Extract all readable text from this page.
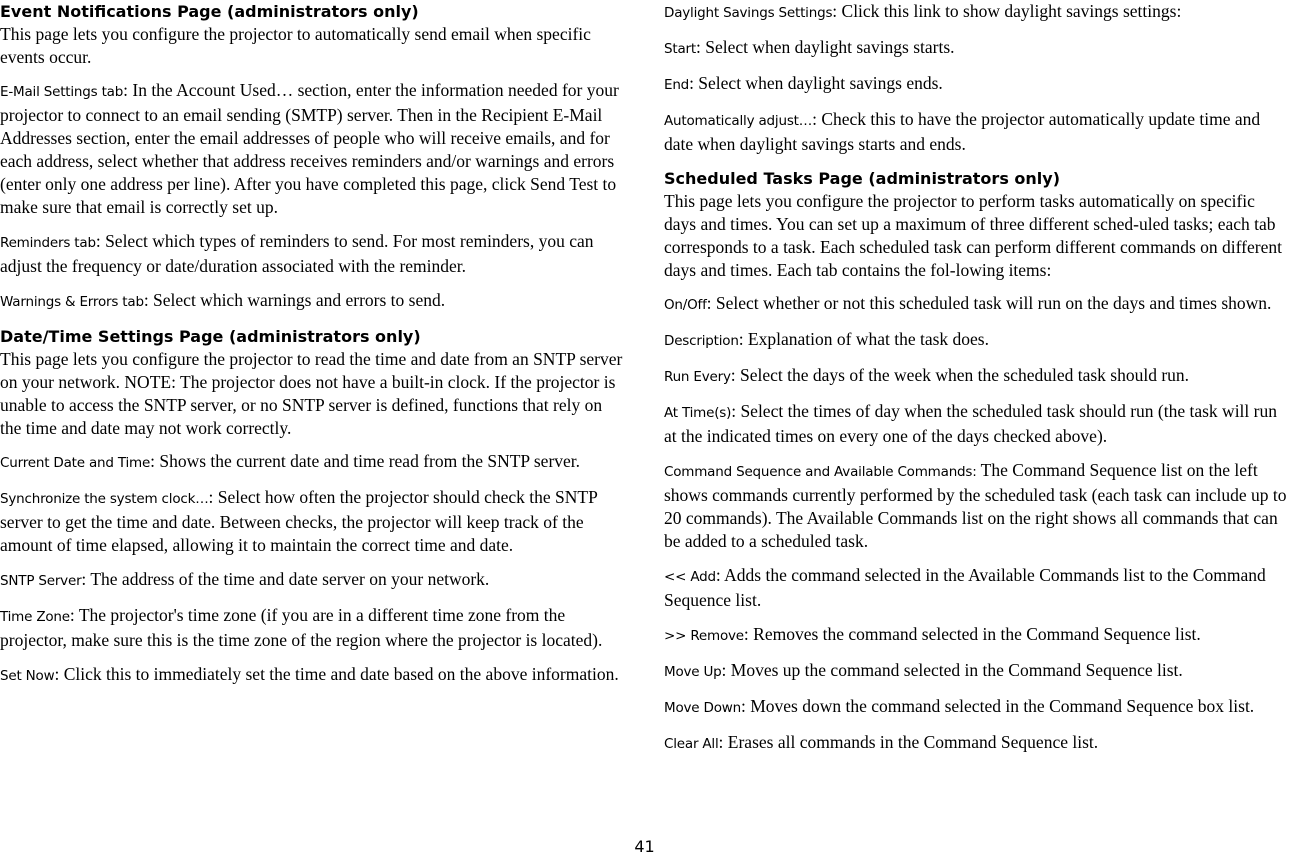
Event Notifications Page (administrators only)

This page lets you configure the projector to automatically send email when specific events occur.

E-Mail Settings tab: In the Account Used… section, enter the information needed for your projector to connect to an email sending (SMTP) server. Then in the Recipient E-Mail Addresses section, enter the email addresses of people who will receive emails, and for each address, select whether that address receives reminders and/or warnings and errors (enter only one address per line). After you have completed this page, click Send Test to make sure that email is correctly set up.

Reminders tab: Select which types of reminders to send. For most reminders, you can adjust the frequency or date/duration associated with the reminder.

Warnings & Errors tab: Select which warnings and errors to send.

Date/Time Settings Page (administrators only)

This page lets you configure the projector to read the time and date from an SNTP server on your network. NOTE: The projector does not have a built-in clock. If the projector is unable to access the SNTP server, or no SNTP server is defined, functions that rely on the time and date may not work correctly.

Current Date and Time: Shows the current date and time read from the SNTP server.

Synchronize the system clock…: Select how often the projector should check the SNTP server to get the time and date. Between checks, the projector will keep track of the amount of time elapsed, allowing it to maintain the correct time and date.

SNTP Server: The address of the time and date server on your network.

Time Zone: The projector's time zone (if you are in a different time zone from the projector, make sure this is the time zone of the region where the projector is located).

Set Now: Click this to immediately set the time and date based on the above information.

Daylight Savings Settings: Click this link to show daylight savings settings:

Start: Select when daylight savings starts.

End: Select when daylight savings ends.

Automatically adjust…: Check this to have the projector automatically update time and date when daylight savings starts and ends.

Scheduled Tasks Page (administrators only)

This page lets you configure the projector to perform tasks automatically on specific days and times. You can set up a maximum of three different sched-uled tasks; each tab corresponds to a task. Each scheduled task can perform different commands on different days and times. Each tab contains the fol-lowing items:

On/Off: Select whether or not this scheduled task will run on the days and times shown.

Description: Explanation of what the task does.

Run Every: Select the days of the week when the scheduled task should run.

At Time(s): Select the times of day when the scheduled task should run (the task will run at the indicated times on every one of the days checked above).

Command Sequence and Available Commands: The Command Sequence list on the left shows commands currently performed by the scheduled task (each task can include up to 20 commands). The Available Commands list on the right shows all commands that can be added to a scheduled task.

<< Add: Adds the command selected in the Available Commands list to the Command Sequence list.

>> Remove: Removes the command selected in the Command Sequence list.

Move Up: Moves up the command selected in the Command Sequence list.

Move Down: Moves down the command selected in the Command Sequence box list.

Clear All: Erases all commands in the Command Sequence list.

41
